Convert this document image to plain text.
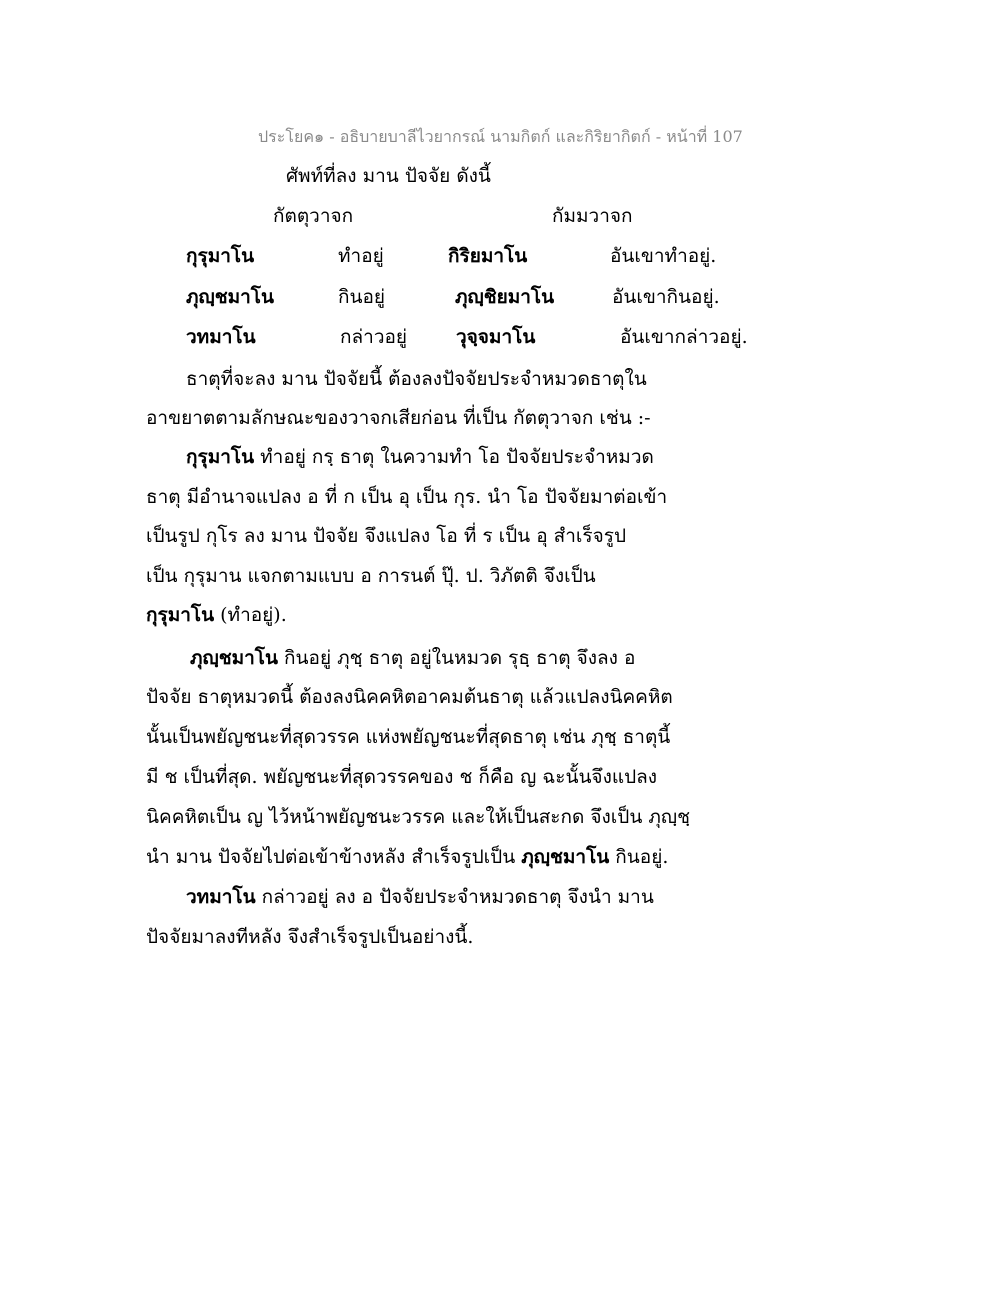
ประโยค๑ - อธิบายบาลีไวยากรณ์ นามกิตก์ และกิริยากิตก์ - หน้าที่ 107
ศัพท์ที่ลง มาน ปัจจัย ดังนี้
กัตตุวาจก	กัมมวาจก
กุรุมาโน	ทำอยู่	กิริยมาโน	อันเขาทำอยู่.
ภุญฺชมาโน	กินอยู่	ภุญฺชิยมาโน	อันเขากินอยู่.
วทมาโน	กล่าวอยู่	วุจฺจมาโน	อันเขากล่าวอยู่.
ธาตุที่จะลง มาน ปัจจัยนี้ ต้องลงปัจจัยประจำหมวดธาตุใน
อาขยาตตามลักษณะของวาจกเสียก่อน ที่เป็น กัตตุวาจก เช่น :-
กุรุมาโน ทำอยู่ กรฺ ธาตุ ในความทำ โอ ปัจจัยประจำหมวด
ธาตุ มีอำนาจแปลง อ ที่ ก เป็น อุ เป็น กุร. นำ โอ ปัจจัยมาต่อเข้า
เป็นรูป กุโร ลง มาน ปัจจัย จึงแปลง โอ ที่ ร เป็น อุ สำเร็จรูป
เป็น กุรุมาน แจกตามแบบ อ การนต์ ปุ๊. ป. วิภัตติ จึงเป็น
กุรุมาโน (ทำอยู่).
ภุญฺชมาโน กินอยู่ ภุชฺ ธาตุ อยู่ในหมวด รุธฺ ธาตุ จึงลง อ
ปัจจัย ธาตุหมวดนี้ ต้องลงนิคคหิตอาคมต้นธาตุ แล้วแปลงนิคคหิต
นั้นเป็นพยัญชนะที่สุดวรรค แห่งพยัญชนะที่สุดธาตุ เช่น ภุชฺ ธาตุนี้
มี ช เป็นที่สุด. พยัญชนะที่สุดวรรคของ ช ก็คือ ญ ฉะนั้นจึงแปลง
นิคคหิตเป็น ญ ไว้หน้าพยัญชนะวรรค และให้เป็นสะกด จึงเป็น ภุญฺชฺ
นำ มาน ปัจจัยไปต่อเข้าข้างหลัง สำเร็จรูปเป็น ภุญฺชมาโน กินอยู่.
วทมาโน กล่าวอยู่ ลง อ ปัจจัยประจำหมวดธาตุ จึงนำ มาน
ปัจจัยมาลงทีหลัง จึงสำเร็จรูปเป็นอย่างนี้.
